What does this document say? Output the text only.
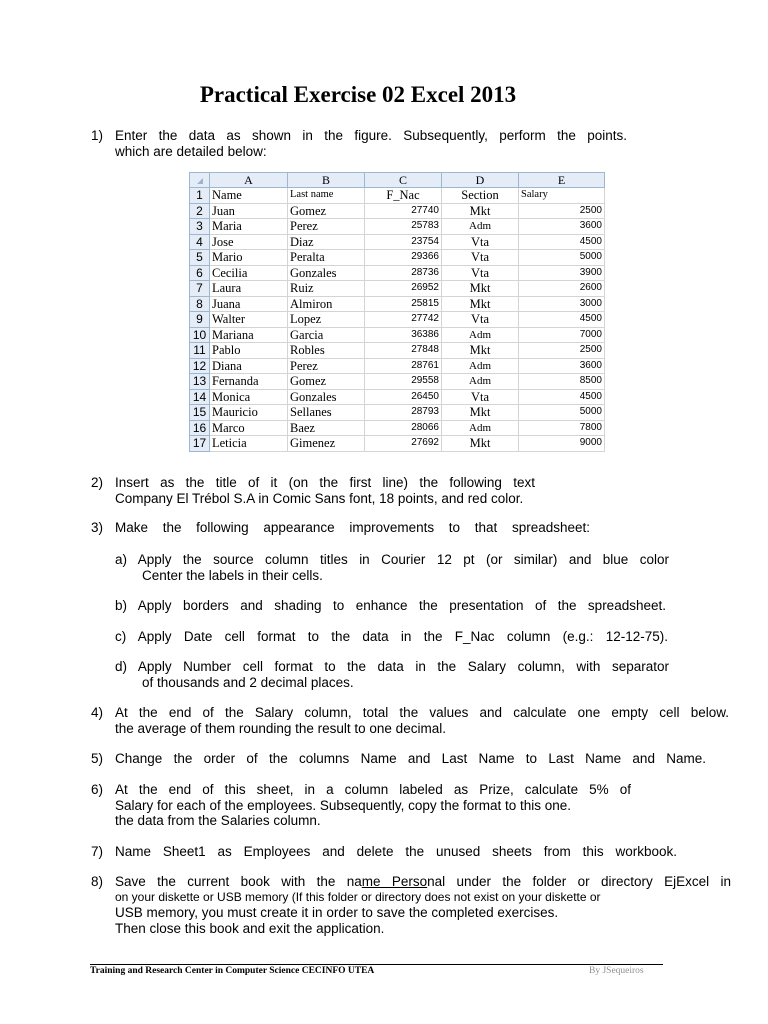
Practical Exercise 02 Excel 2013
1) Enter the data as shown in the figure. Subsequently, perform the points.
which are detailed below:
	A	B	C	D	E
1	Name	Last name	F_Nac	Section	Salary
2	Juan	Gomez	27740	Mkt	2500
3	Maria	Perez	25783	Adm	3600
4	Jose	Diaz	23754	Vta	4500
5	Mario	Peralta	29366	Vta	5000
6	Cecilia	Gonzales	28736	Vta	3900
7	Laura	Ruiz	26952	Mkt	2600
8	Juana	Almiron	25815	Mkt	3000
9	Walter	Lopez	27742	Vta	4500
10	Mariana	Garcia	36386	Adm	7000
11	Pablo	Robles	27848	Mkt	2500
12	Diana	Perez	28761	Adm	3600
13	Fernanda	Gomez	29558	Adm	8500
14	Monica	Gonzales	26450	Vta	4500
15	Mauricio	Sellanes	28793	Mkt	5000
16	Marco	Baez	28066	Adm	7800
17	Leticia	Gimenez	27692	Mkt	9000
2) Insert as the title of it (on the first line) the following text
Company El Trébol S.A in Comic Sans font, 18 points, and red color.
3) Make the following appearance improvements to that spreadsheet:
a) Apply the source column titles in Courier 12 pt (or similar) and blue color
Center the labels in their cells.
b) Apply borders and shading to enhance the presentation of the spreadsheet.
c) Apply Date cell format to the data in the F_Nac column (e.g.: 12-12-75).
d) Apply Number cell format to the data in the Salary column, with separator
of thousands and 2 decimal places.
4) At the end of the Salary column, total the values and calculate one empty cell below.
the average of them rounding the result to one decimal.
5) Change the order of the columns Name and Last Name to Last Name and Name.
6) At the end of this sheet, in a column labeled as Prize, calculate 5% of
Salary for each of the employees. Subsequently, copy the format to this one.
the data from the Salaries column.
7) Name Sheet1 as Employees and delete the unused sheets from this workbook.
8) Save the current book with the name Personal under the folder or directory EjExcel in
on your diskette or USB memory (If this folder or directory does not exist on your diskette or
USB memory, you must create it in order to save the completed exercises.
Then close this book and exit the application.
Training and Research Center in Computer Science CECINFO UTEA	By JSequeiros
